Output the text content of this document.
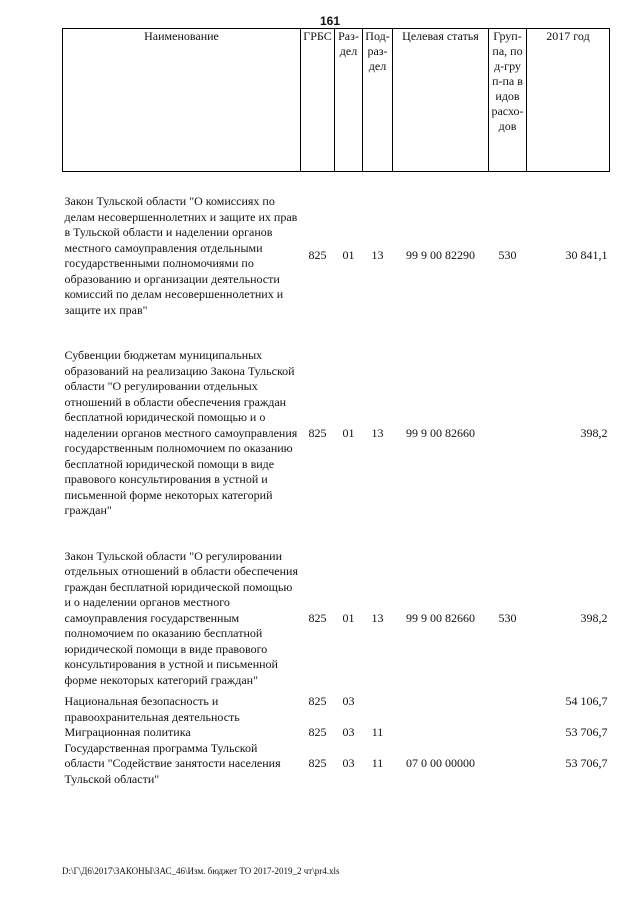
161
Наименование	ГРБС	Раз-дел	Под-раз-дел	Целевая статья	Груп-па, под-груп-па видов расхо-дов	2017 год

Закон Тульской области "О комиссиях по делам несовершеннолетних и защите их прав в Тульской области и наделении органов местного самоуправления отдельными государственными полномочиями по образованию и организации деятельности комиссий по делам несовершеннолетних и защите их прав"	825	01	13	99 9 00 82290	530	30 841,1

Субвенции бюджетам муниципальных образований на реализацию Закона Тульской области "О регулировании отдельных отношений в области обеспечения граждан бесплатной юридической помощью и о наделении органов местного самоуправления государственным полномочием по оказанию бесплатной юридической помощи в виде правового консультирования в устной и письменной форме некоторых категорий граждан"	825	01	13	99 9 00 82660		398,2

Закон Тульской области "О регулировании отдельных отношений в области обеспечения граждан бесплатной юридической помощью и о наделении органов местного самоуправления государственным полномочием по оказанию бесплатной юридической помощи в виде правового консультирования в устной и письменной форме некоторых категорий граждан"	825	01	13	99 9 00 82660	530	398,2

Национальная безопасность и правоохранительная деятельность	825	03				54 106,7
Миграционная политика	825	03	11			53 706,7
Государственная программа Тульской области "Содействие занятости населения Тульской области"	825	03	11	07 0 00 00000		53 706,7
D:\Г\Д6\2017\ЗАКОНЫ\ЗАС_46\Изм. бюджет ТО 2017-2019_2 чт\pr4.xls
